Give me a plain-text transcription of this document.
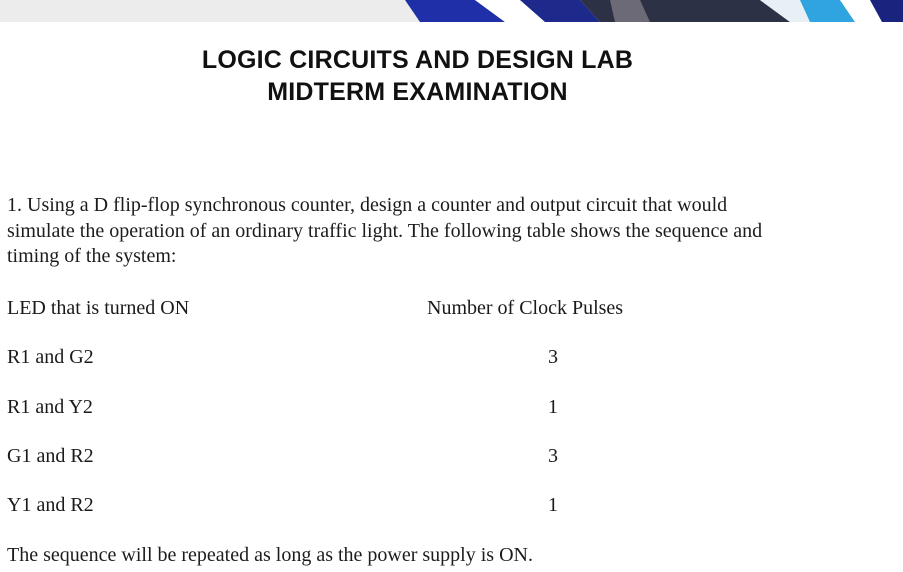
LOGIC CIRCUITS AND DESIGN LAB
MIDTERM EXAMINATION
1. Using a D flip-flop synchronous counter, design a counter and output circuit that would simulate the operation of an ordinary traffic light. The following table shows the sequence and timing of the system:
LED that is turned ON	Number of Clock Pulses
R1 and G2	3
R1 and Y2	1
G1 and R2	3
Y1 and R2	1
The sequence will be repeated as long as the power supply is ON.
